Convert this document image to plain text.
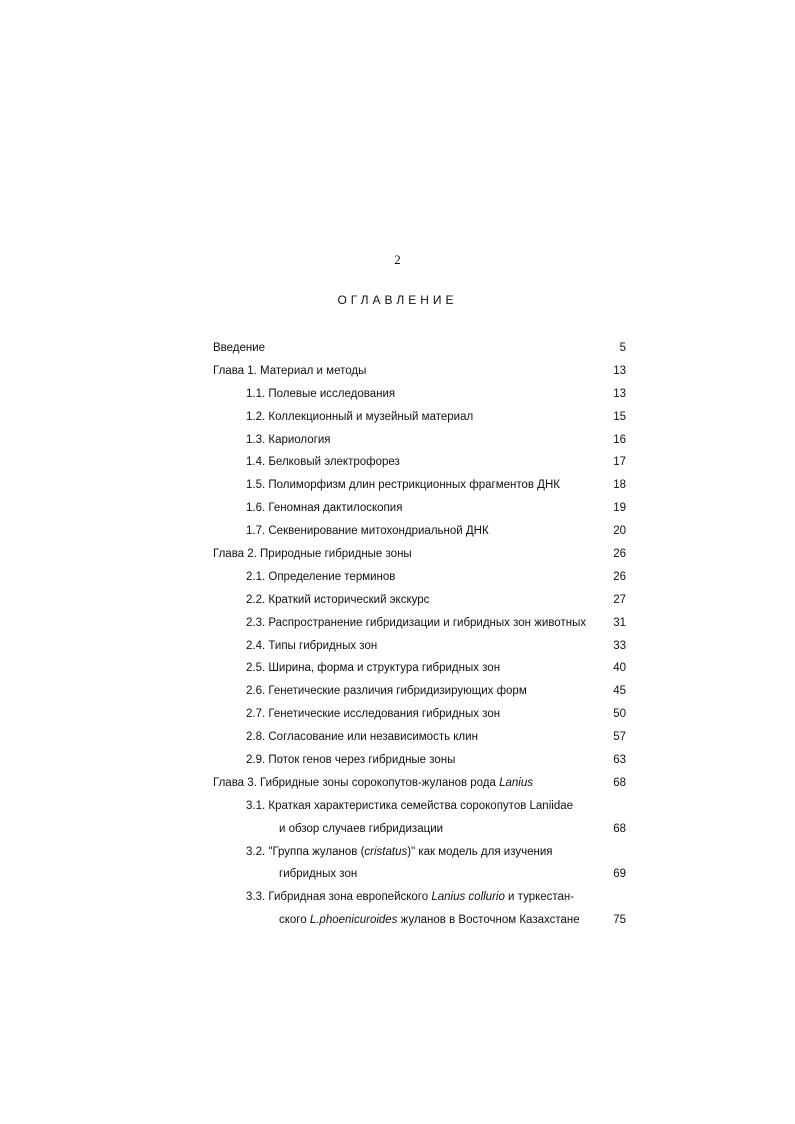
2
ОГЛАВЛЕНИЕ
Введение	5
Глава 1. Материал и методы	13
1.1. Полевые исследования	13
1.2. Коллекционный и музейный материал	15
1.3. Кариология	16
1.4. Белковый электрофорез	17
1.5. Полиморфизм длин рестрикционных фрагментов ДНК	18
1.6. Геномная дактилоскопия	19
1.7. Секвенирование митохондриальной ДНК	20
Глава 2. Природные гибридные зоны	26
2.1. Определение терминов	26
2.2. Краткий исторический экскурс	27
2.3. Распространение гибридизации и гибридных зон животных 31
2.4. Типы гибридных зон	33
2.5. Ширина, форма и структура гибридных зон	40
2.6. Генетические различия гибридизирующих форм	45
2.7. Генетические исследования гибридных зон	50
2.8. Согласование или независимость клин	57
2.9. Поток генов через гибридные зоны	63
Глава 3. Гибридные зоны сорокопутов-жуланов рода Lanius	68
3.1. Краткая характеристика семейства сорокопутов Laniidae
и обзор случаев гибридизации	68
3.2. "Группа жуланов (cristatus)" как модель для изучения
гибридных зон	69
3.3. Гибридная зона европейского Lanius collurio и туркестан-
ского L.phoenicuroides жуланов в Восточном Казахстане	75
